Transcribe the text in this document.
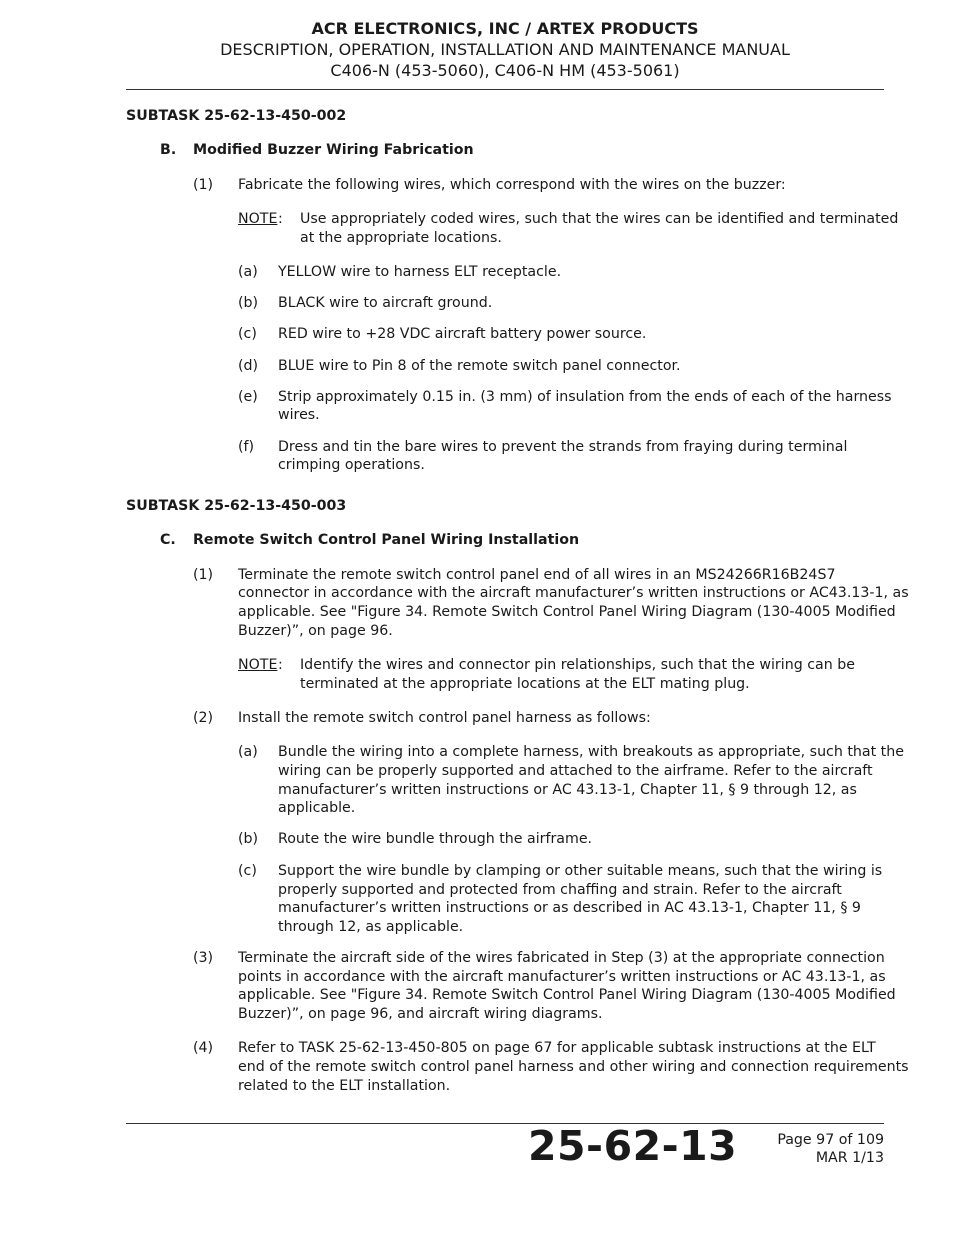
ACR ELECTRONICS, INC / ARTEX PRODUCTS
DESCRIPTION, OPERATION, INSTALLATION AND MAINTENANCE MANUAL
C406-N (453-5060), C406-N HM (453-5061)
SUBTASK 25-62-13-450-002
B. Modified Buzzer Wiring Fabrication
(1) Fabricate the following wires, which correspond with the wires on the buzzer:
NOTE : Use appropriately coded wires, such that the wires can be identified and terminated
at the appropriate locations.
(a) YELLOW wire to harness ELT receptacle.
(b) BLACK wire to aircraft ground.
(c) RED wire to +28 VDC aircraft battery power source.
(d) BLUE wire to Pin 8 of the remote switch panel connector.
(e) Strip approximately 0.15 in. (3 mm) of insulation from the ends of each of the harness
wires.
(f) Dress and tin the bare wires to prevent the strands from fraying during terminal
crimping operations.
SUBTASK 25-62-13-450-003
C. Remote Switch Control Panel Wiring Installation
(1) Terminate the remote switch control panel end of all wires in an MS24266R16B24S7
connector in accordance with the aircraft manufacturer’s written instructions or AC43.13-1, as
applicable. See "Figure 34. Remote Switch Control Panel Wiring Diagram (130-4005 Modified
Buzzer)”, on page 96.
NOTE : Identify the wires and connector pin relationships, such that the wiring can be
terminated at the appropriate locations at the ELT mating plug.
(2) Install the remote switch control panel harness as follows:
(a) Bundle the wiring into a complete harness, with breakouts as appropriate, such that the
wiring can be properly supported and attached to the airframe. Refer to the aircraft
manufacturer’s written instructions or AC 43.13-1, Chapter 11, § 9 through 12, as
applicable.
(b) Route the wire bundle through the airframe.
(c) Support the wire bundle by clamping or other suitable means, such that the wiring is
properly supported and protected from chaffing and strain. Refer to the aircraft
manufacturer’s written instructions or as described in AC 43.13-1, Chapter 11, § 9
through 12, as applicable.
(3) Terminate the aircraft side of the wires fabricated in Step (3) at the appropriate connection
points in accordance with the aircraft manufacturer’s written instructions or AC 43.13-1, as
applicable. See "Figure 34. Remote Switch Control Panel Wiring Diagram (130-4005 Modified
Buzzer)”, on page 96, and aircraft wiring diagrams.
(4) Refer to TASK 25-62-13-450-805 on page 67 for applicable subtask instructions at the ELT
end of the remote switch control panel harness and other wiring and connection requirements
related to the ELT installation.
25-62-13	Page 97 of 109
MAR 1/13
